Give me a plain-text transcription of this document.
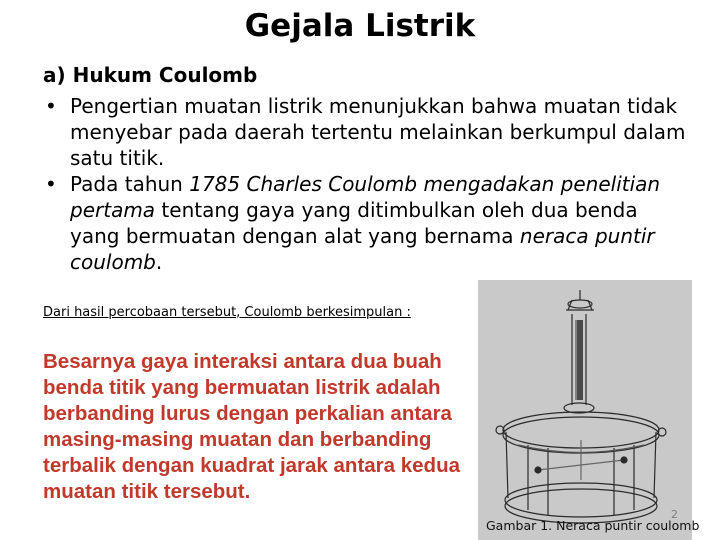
Gejala Listrik
a) Hukum Coulomb
• Pengertian muatan listrik menunjukkan bahwa muatan tidak menyebar pada daerah tertentu melainkan berkumpul dalam satu titik.
• Pada tahun 1785 Charles Coulomb mengadakan penelitian pertama tentang gaya yang ditimbulkan oleh dua benda yang bermuatan dengan alat yang bernama neraca puntir coulomb.
Dari hasil percobaan tersebut, Coulomb berkesimpulan :
Besarnya gaya interaksi antara dua buah benda titik yang bermuatan listrik adalah berbanding lurus dengan perkalian antara masing-masing muatan dan berbanding terbalik dengan kuadrat jarak antara kedua muatan titik tersebut.
Gambar 1. Neraca puntir coulomb
2
